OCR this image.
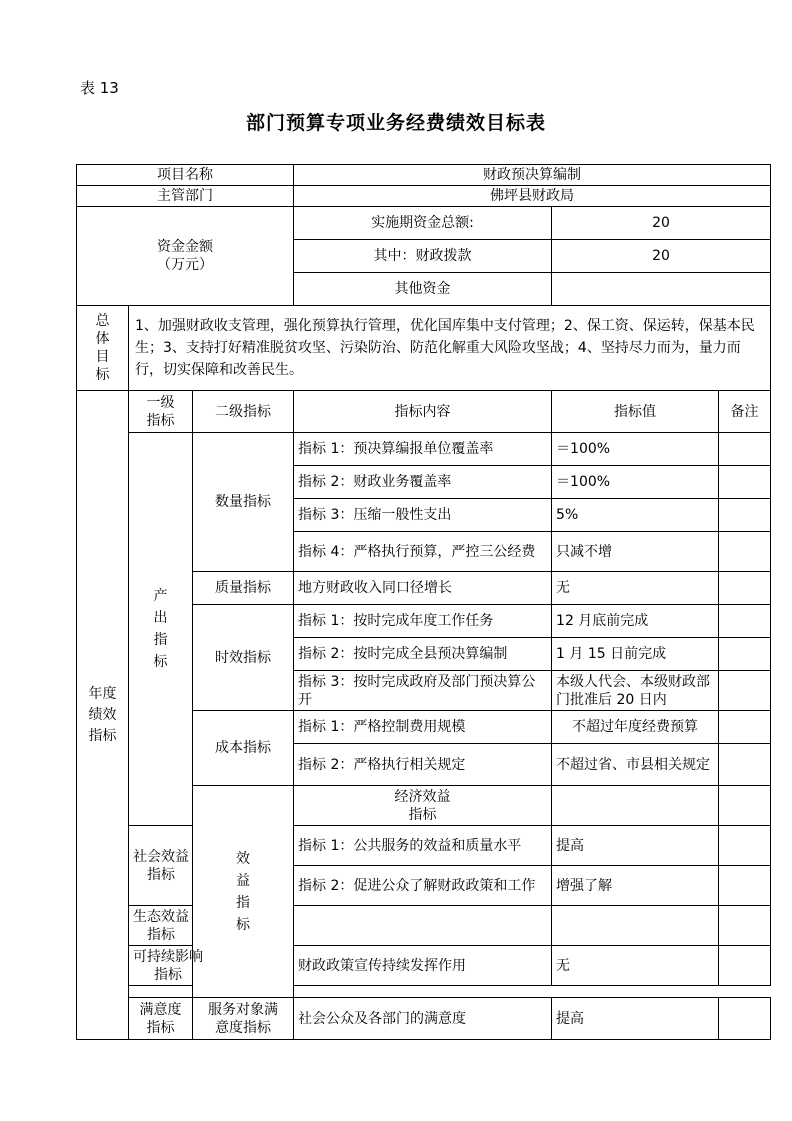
表 13
部门预算专项业务经费绩效目标表
项目名称			财政预决算编制			
主管部门			佛坪县财政局			

资金金额
（万元）			实施期资金总额:	20		
			其中：财政拨款	20		
			其他资金			

总体目标	1、加强财政收支管理，强化预算执行管理，优化国库集中支付管理；2、保工资、保运转，保基本民生；3、支持打好精准脱贫攻坚、污染防治、防范化解重大风险攻坚战；4、坚持尽力而为，量力而行，切实保障和改善民生。					

年度绩效指标	一级指标	二级指标	指标内容	指标值	备注	

	产出指标	数量指标	指标 1：预决算编报单位覆盖率	＝100%		
			指标 2：财政业务覆盖率	＝100%		
			指标 3：压缩一般性支出	5%		
			指标 4：严格执行预算，严控三公经费	只减不增		
		质量指标	地方财政收入同口径增长	无		
		时效指标	指标 1：按时完成年度工作任务	12 月底前完成		
			指标 2：按时完成全县预决算编制	1 月 15 日前完成		
			指标 3：按时完成政府及部门预决算公开	本级人代会、本级财政部门批准后 20 日内		
		成本指标	指标 1：严格控制费用规模	不超过年度经费预算		
			指标 2：严格执行相关规定	不超过省、市县相关规定		

		效益指标	经济效益指标			

	社会效益指标		指标 1：公共服务的效益和质量水平	提高		
			指标 2：促进公众了解财政政策和工作	增强了解		

	生态效益指标					

	可持续影响指标		财政政策宣传持续发挥作用	无		

	满意度指标	服务对象满意度指标	社会公众及各部门的满意度	提高		
